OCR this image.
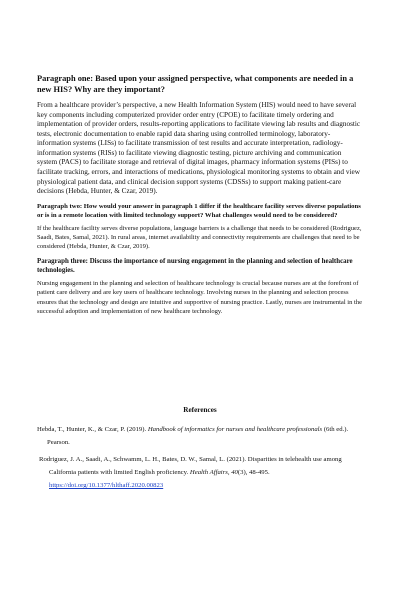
Paragraph one: Based upon your assigned perspective, what components are needed in a new HIS? Why are they important?

From a healthcare provider’s perspective, a new Health Information System (HIS) would need to have several key components including computerized provider order entry (CPOE) to facilitate timely ordering and implementation of provider orders, results-reporting applications to facilitate viewing lab results and diagnostic tests, electronic documentation to enable rapid data sharing using controlled terminology, laboratory-information systems (LISs) to facilitate transmission of test results and accurate interpretation, radiology-information systems (RISs) to facilitate viewing diagnostic testing, picture archiving and communication system (PACS) to facilitate storage and retrieval of digital images, pharmacy information systems (PISs) to facilitate tracking, errors, and interactions of medications, physiological monitoring systems to obtain and view physiological patient data, and clinical decision support systems (CDSSs) to support making patient-care decisions (Hebda, Hunter, & Czar, 2019).

Paragraph two: How would your answer in paragraph 1 differ if the healthcare facility serves diverse populations or is in a remote location with limited technology support? What challenges would need to be considered?

If the healthcare facility serves diverse populations, language barriers is a challenge that needs to be considered (Rodriguez, Saadi, Bates, Samal, 2021). In rural areas, internet availability and connectivity requirements are challenges that need to be considered (Hebda, Hunter, & Czar, 2019).

Paragraph three: Discuss the importance of nursing engagement in the planning and selection of healthcare technologies.

Nursing engagement in the planning and selection of healthcare technology is crucial because nurses are at the forefront of patient care delivery and are key users of healthcare technology. Involving nurses in the planning and selection process ensures that the technology and design are intuitive and supportive of nursing practice. Lastly, nurses are instrumental in the successful adoption and implementation of new healthcare technology.

References

Hebda, T., Hunter, K., & Czar, P. (2019). Handbook of informatics for nurses and healthcare professionals (6th ed.). Pearson.

Rodriguez, J. A., Saadi, A., Schwamm, L. H., Bates, D. W., Samal, L. (2021). Disparities in telehealth use among California patients with limited English proficiency. Health Affairs, 40(3), 48-495. https://doi.org/10.1377/hlthaff.2020.00823
